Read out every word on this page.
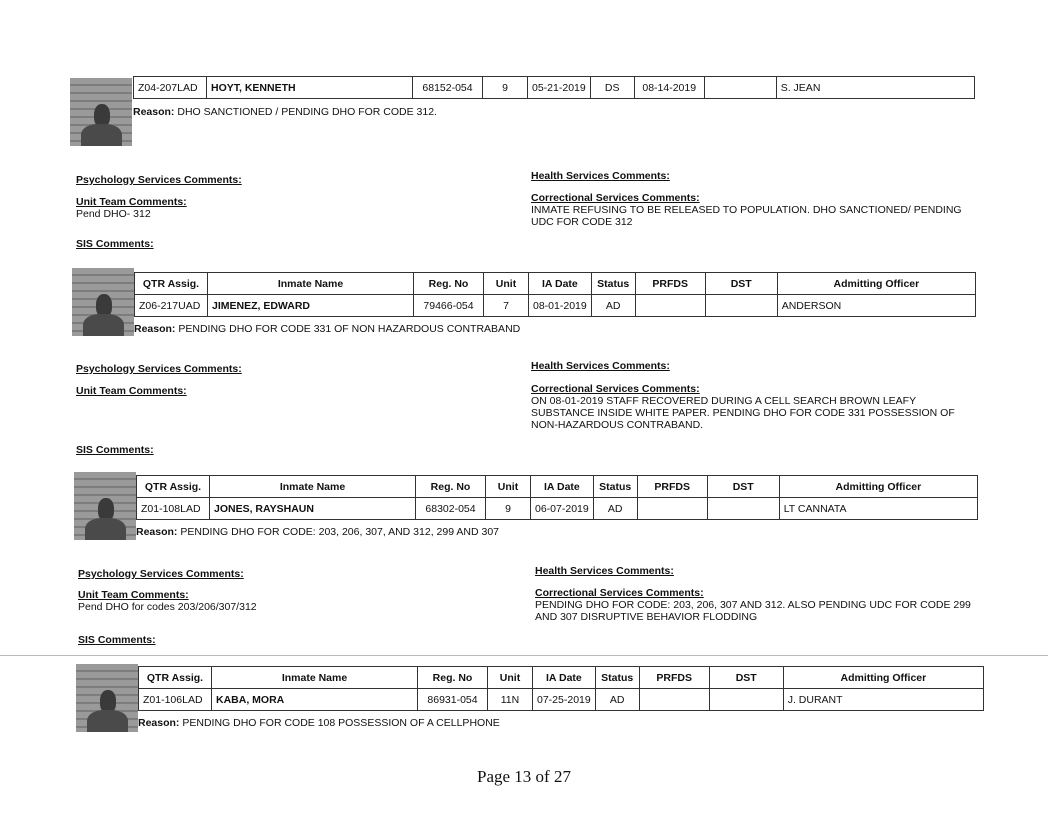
Z04-207LAD	HOYT, KENNETH	68152-054	9	05-21-2019	DS	08-14-2019		S. JEAN
Reason: DHO SANCTIONED / PENDING DHO FOR CODE 312.
Psychology Services Comments:
Unit Team Comments:
Pend DHO- 312
SIS Comments:
Health Services Comments:
Correctional Services Comments:
INMATE REFUSING TO BE RELEASED TO POPULATION. DHO SANCTIONED/ PENDING UDC FOR CODE 312
QTR Assig.	Inmate Name	Reg. No	Unit	IA Date	Status	PRFDS	DST	Admitting Officer
Z06-217UAD	JIMENEZ, EDWARD	79466-054	7	08-01-2019	AD			ANDERSON
Reason: PENDING DHO FOR CODE 331 OF NON HAZARDOUS CONTRABAND
Psychology Services Comments:
Unit Team Comments:
SIS Comments:
Health Services Comments:
Correctional Services Comments:
ON 08-01-2019 STAFF RECOVERED DURING A CELL SEARCH BROWN LEAFY SUBSTANCE INSIDE WHITE PAPER. PENDING DHO FOR CODE 331 POSSESSION OF NON-HAZARDOUS CONTRABAND.
QTR Assig.	Inmate Name	Reg. No	Unit	IA Date	Status	PRFDS	DST	Admitting Officer
Z01-108LAD	JONES, RAYSHAUN	68302-054	9	06-07-2019	AD			LT CANNATA
Reason: PENDING DHO FOR CODE: 203, 206, 307, AND 312, 299 AND 307
Psychology Services Comments:
Unit Team Comments:
Pend DHO for codes 203/206/307/312
SIS Comments:
Health Services Comments:
Correctional Services Comments:
PENDING DHO FOR CODE: 203, 206, 307 AND 312. ALSO PENDING UDC FOR CODE 299 AND 307 DISRUPTIVE BEHAVIOR FLODDING
QTR Assig.	Inmate Name	Reg. No	Unit	IA Date	Status	PRFDS	DST	Admitting Officer
Z01-106LAD	KABA, MORA	86931-054	11N	07-25-2019	AD			J. DURANT
Reason: PENDING DHO FOR CODE 108 POSSESSION OF A CELLPHONE
Page 13 of 27
